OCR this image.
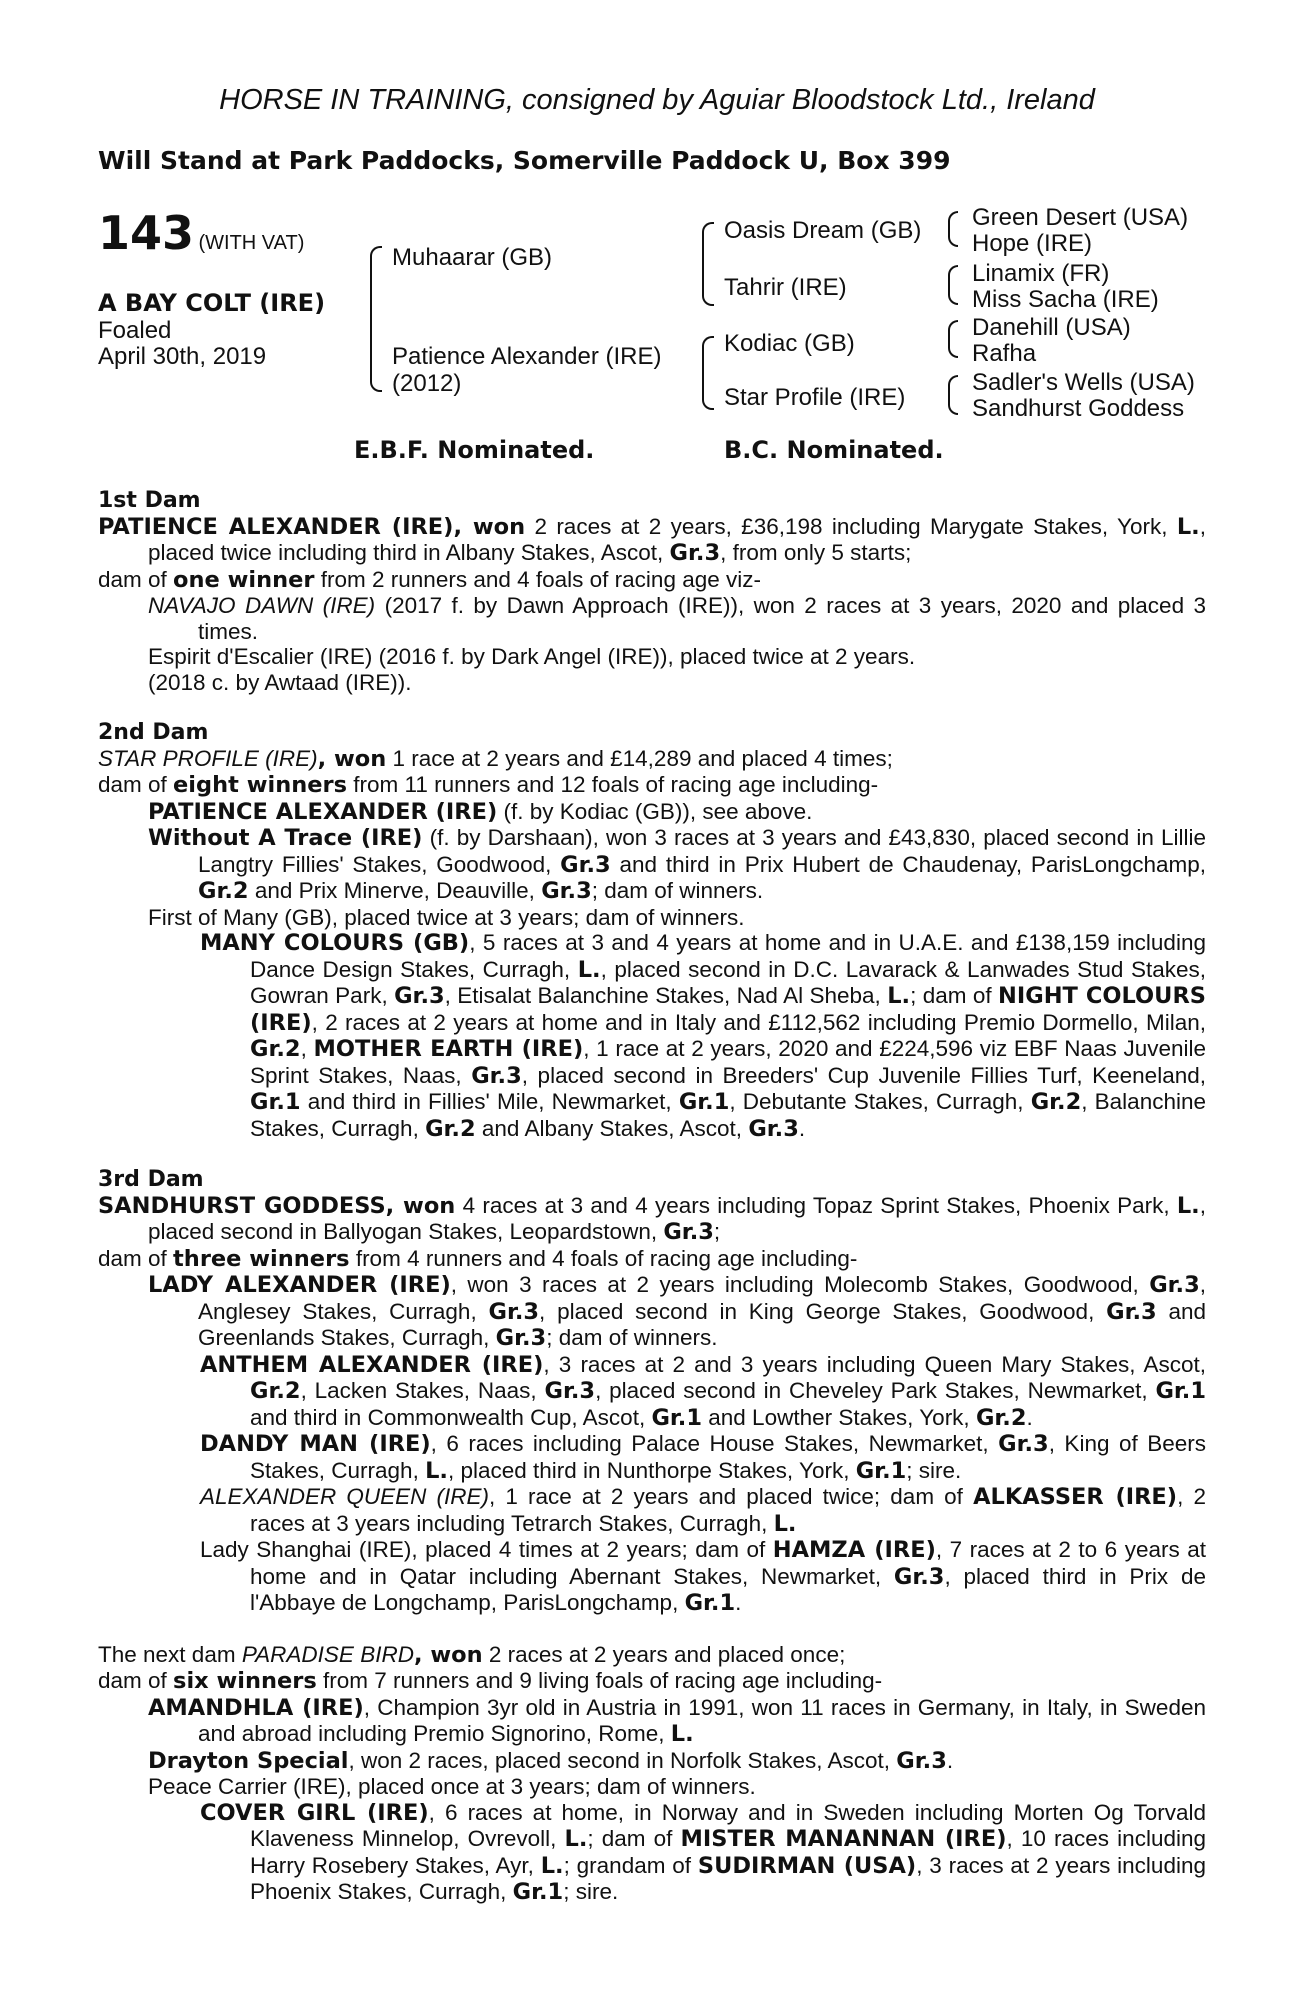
HORSE IN TRAINING, consigned by Aguiar Bloodstock Ltd., Ireland
Will Stand at Park Paddocks, Somerville Paddock U, Box 399
143 (WITH VAT)
A BAY COLT (IRE)
Foaled
April 30th, 2019
Muhaarar (GB)
Patience Alexander (IRE)
(2012)
Oasis Dream (GB)
Tahrir (IRE)
Kodiac (GB)
Star Profile (IRE)
Green Desert (USA)
Hope (IRE)
Linamix (FR)
Miss Sacha (IRE)
Danehill (USA)
Rafha
Sadler's Wells (USA)
Sandhurst Goddess
E.B.F. Nominated.	B.C. Nominated.

1st Dam

PATIENCE ALEXANDER (IRE), won 2 races at 2 years, £36,198 including Marygate Stakes, York, L., placed twice including third in Albany Stakes, Ascot, Gr.3, from only 5 starts;

dam of one winner from 2 runners and 4 foals of racing age viz-

NAVAJO DAWN (IRE) (2017 f. by Dawn Approach (IRE)), won 2 races at 3 years, 2020 and placed 3 times.

Espirit d'Escalier (IRE) (2016 f. by Dark Angel (IRE)), placed twice at 2 years.

(2018 c. by Awtaad (IRE)).

2nd Dam

STAR PROFILE (IRE), won 1 race at 2 years and £14,289 and placed 4 times;

dam of eight winners from 11 runners and 12 foals of racing age including-

PATIENCE ALEXANDER (IRE) (f. by Kodiac (GB)), see above.

Without A Trace (IRE) (f. by Darshaan), won 3 races at 3 years and £43,830, placed second in Lillie Langtry Fillies' Stakes, Goodwood, Gr.3 and third in Prix Hubert de Chaudenay, ParisLongchamp, Gr.2 and Prix Minerve, Deauville, Gr.3; dam of winners.

First of Many (GB), placed twice at 3 years; dam of winners.

MANY COLOURS (GB), 5 races at 3 and 4 years at home and in U.A.E. and £138,159 including Dance Design Stakes, Curragh, L., placed second in D.C. Lavarack & Lanwades Stud Stakes, Gowran Park, Gr.3, Etisalat Balanchine Stakes, Nad Al Sheba, L.; dam of NIGHT COLOURS (IRE), 2 races at 2 years at home and in Italy and £112,562 including Premio Dormello, Milan, Gr.2, MOTHER EARTH (IRE), 1 race at 2 years, 2020 and £224,596 viz EBF Naas Juvenile Sprint Stakes, Naas, Gr.3, placed second in Breeders' Cup Juvenile Fillies Turf, Keeneland, Gr.1 and third in Fillies' Mile, Newmarket, Gr.1, Debutante Stakes, Curragh, Gr.2, Balanchine Stakes, Curragh, Gr.2 and Albany Stakes, Ascot, Gr.3.

3rd Dam

SANDHURST GODDESS, won 4 races at 3 and 4 years including Topaz Sprint Stakes, Phoenix Park, L., placed second in Ballyogan Stakes, Leopardstown, Gr.3;

dam of three winners from 4 runners and 4 foals of racing age including-

LADY ALEXANDER (IRE), won 3 races at 2 years including Molecomb Stakes, Goodwood, Gr.3, Anglesey Stakes, Curragh, Gr.3, placed second in King George Stakes, Goodwood, Gr.3 and Greenlands Stakes, Curragh, Gr.3; dam of winners.

ANTHEM ALEXANDER (IRE), 3 races at 2 and 3 years including Queen Mary Stakes, Ascot, Gr.2, Lacken Stakes, Naas, Gr.3, placed second in Cheveley Park Stakes, Newmarket, Gr.1 and third in Commonwealth Cup, Ascot, Gr.1 and Lowther Stakes, York, Gr.2.

DANDY MAN (IRE), 6 races including Palace House Stakes, Newmarket, Gr.3, King of Beers Stakes, Curragh, L., placed third in Nunthorpe Stakes, York, Gr.1; sire.

ALEXANDER QUEEN (IRE), 1 race at 2 years and placed twice; dam of ALKASSER (IRE), 2 races at 3 years including Tetrarch Stakes, Curragh, L.

Lady Shanghai (IRE), placed 4 times at 2 years; dam of HAMZA (IRE), 7 races at 2 to 6 years at home and in Qatar including Abernant Stakes, Newmarket, Gr.3, placed third in Prix de l'Abbaye de Longchamp, ParisLongchamp, Gr.1.

The next dam PARADISE BIRD, won 2 races at 2 years and placed once;

dam of six winners from 7 runners and 9 living foals of racing age including-

AMANDHLA (IRE), Champion 3yr old in Austria in 1991, won 11 races in Germany, in Italy, in Sweden and abroad including Premio Signorino, Rome, L.

Drayton Special, won 2 races, placed second in Norfolk Stakes, Ascot, Gr.3.

Peace Carrier (IRE), placed once at 3 years; dam of winners.

COVER GIRL (IRE), 6 races at home, in Norway and in Sweden including Morten Og Torvald Klaveness Minnelop, Ovrevoll, L.; dam of MISTER MANANNAN (IRE), 10 races including Harry Rosebery Stakes, Ayr, L.; grandam of SUDIRMAN (USA), 3 races at 2 years including Phoenix Stakes, Curragh, Gr.1; sire.
